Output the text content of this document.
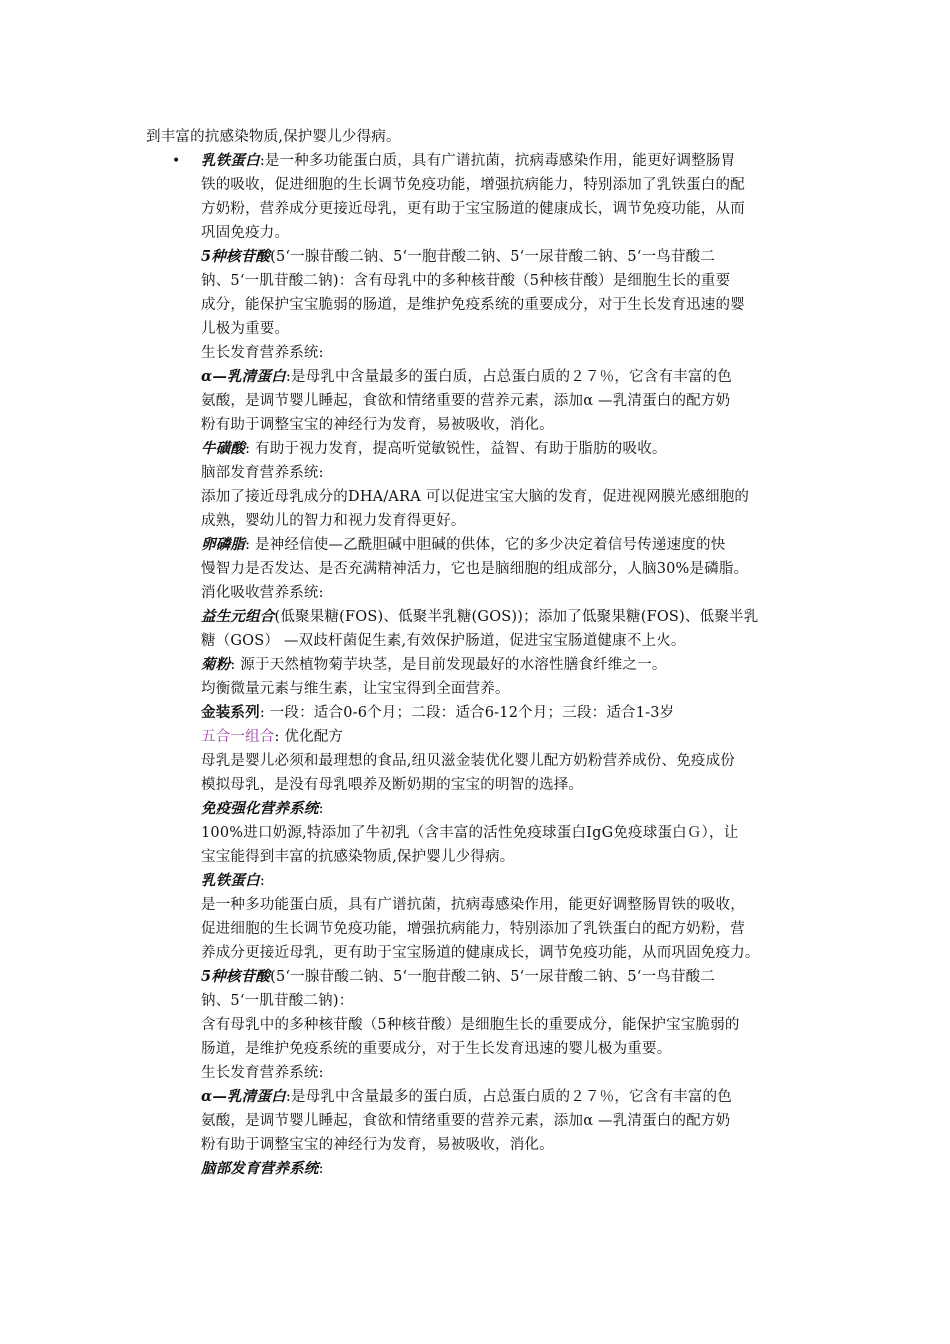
•
到丰富的抗感染物质,保护婴儿少得病。
乳铁蛋白:是一种多功能蛋白质，具有广谱抗菌，抗病毒感染作用，能更好调整肠胃
铁的吸收，促进细胞的生长调节免疫功能，增强抗病能力，特别添加了乳铁蛋白的配
方奶粉，营养成分更接近母乳，更有助于宝宝肠道的健康成长，调节免疫功能，从而
巩固免疫力。
5种核苷酸(5‘一腺苷酸二钠、5‘一胞苷酸二钠、5‘一尿苷酸二钠、5‘一鸟苷酸二
钠、5‘一肌苷酸二钠)：含有母乳中的多种核苷酸（5种核苷酸）是细胞生长的重要
成分，能保护宝宝脆弱的肠道，是维护免疫系统的重要成分，对于生长发育迅速的婴
儿极为重要。
生长发育营养系统:
α—乳清蛋白:是母乳中含量最多的蛋白质，占总蛋白质的２７％，它含有丰富的色
氨酸，是调节婴儿睡起，食欲和情绪重要的营养元素，添加α —乳清蛋白的配方奶
粉有助于调整宝宝的神经行为发育，易被吸收，消化。
牛磺酸: 有助于视力发育，提高听觉敏锐性，益智、有助于脂肪的吸收。
脑部发育营养系统:
添加了接近母乳成分的DHA/ARA 可以促进宝宝大脑的发育，促进视网膜光感细胞的
成熟，婴幼儿的智力和视力发育得更好。
卵磷脂: 是神经信使—乙酰胆碱中胆碱的供体，它的多少决定着信号传递速度的快
慢智力是否发达、是否充满精神活力，它也是脑细胞的组成部分，人脑30%是磷脂。
消化吸收营养系统:
益生元组合(低聚果糖(FOS)、低聚半乳糖(GOS))；添加了低聚果糖(FOS)、低聚半乳
糖（GOS） —双歧杆菌促生素,有效保护肠道，促进宝宝肠道健康不上火。
菊粉: 源于天然植物菊芋块茎，是目前发现最好的水溶性膳食纤维之一。
均衡微量元素与维生素，让宝宝得到全面营养。
金装系列: 一段：适合0-6个月；二段：适合6-12个月；三段：适合1-3岁
五合一组合: 优化配方
母乳是婴儿必须和最理想的食品,纽贝滋金装优化婴儿配方奶粉营养成份、免疫成份
模拟母乳，是没有母乳喂养及断奶期的宝宝的明智的选择。
免疫强化营养系统:
100%进口奶源,特添加了牛初乳（含丰富的活性免疫球蛋白IgG免疫球蛋白Ｇ），让
宝宝能得到丰富的抗感染物质,保护婴儿少得病。
乳铁蛋白:
是一种多功能蛋白质，具有广谱抗菌，抗病毒感染作用，能更好调整肠胃铁的吸收，
促进细胞的生长调节免疫功能，增强抗病能力，特别添加了乳铁蛋白的配方奶粉，营
养成分更接近母乳，更有助于宝宝肠道的健康成长，调节免疫功能，从而巩固免疫力。
5种核苷酸(5‘一腺苷酸二钠、5‘一胞苷酸二钠、5‘一尿苷酸二钠、5‘一鸟苷酸二
钠、5‘一肌苷酸二钠)：
含有母乳中的多种核苷酸（5种核苷酸）是细胞生长的重要成分，能保护宝宝脆弱的
肠道，是维护免疫系统的重要成分，对于生长发育迅速的婴儿极为重要。
生长发育营养系统:
α—乳清蛋白:是母乳中含量最多的蛋白质，占总蛋白质的２７％，它含有丰富的色
氨酸，是调节婴儿睡起，食欲和情绪重要的营养元素，添加α —乳清蛋白的配方奶
粉有助于调整宝宝的神经行为发育，易被吸收，消化。
脑部发育营养系统:
